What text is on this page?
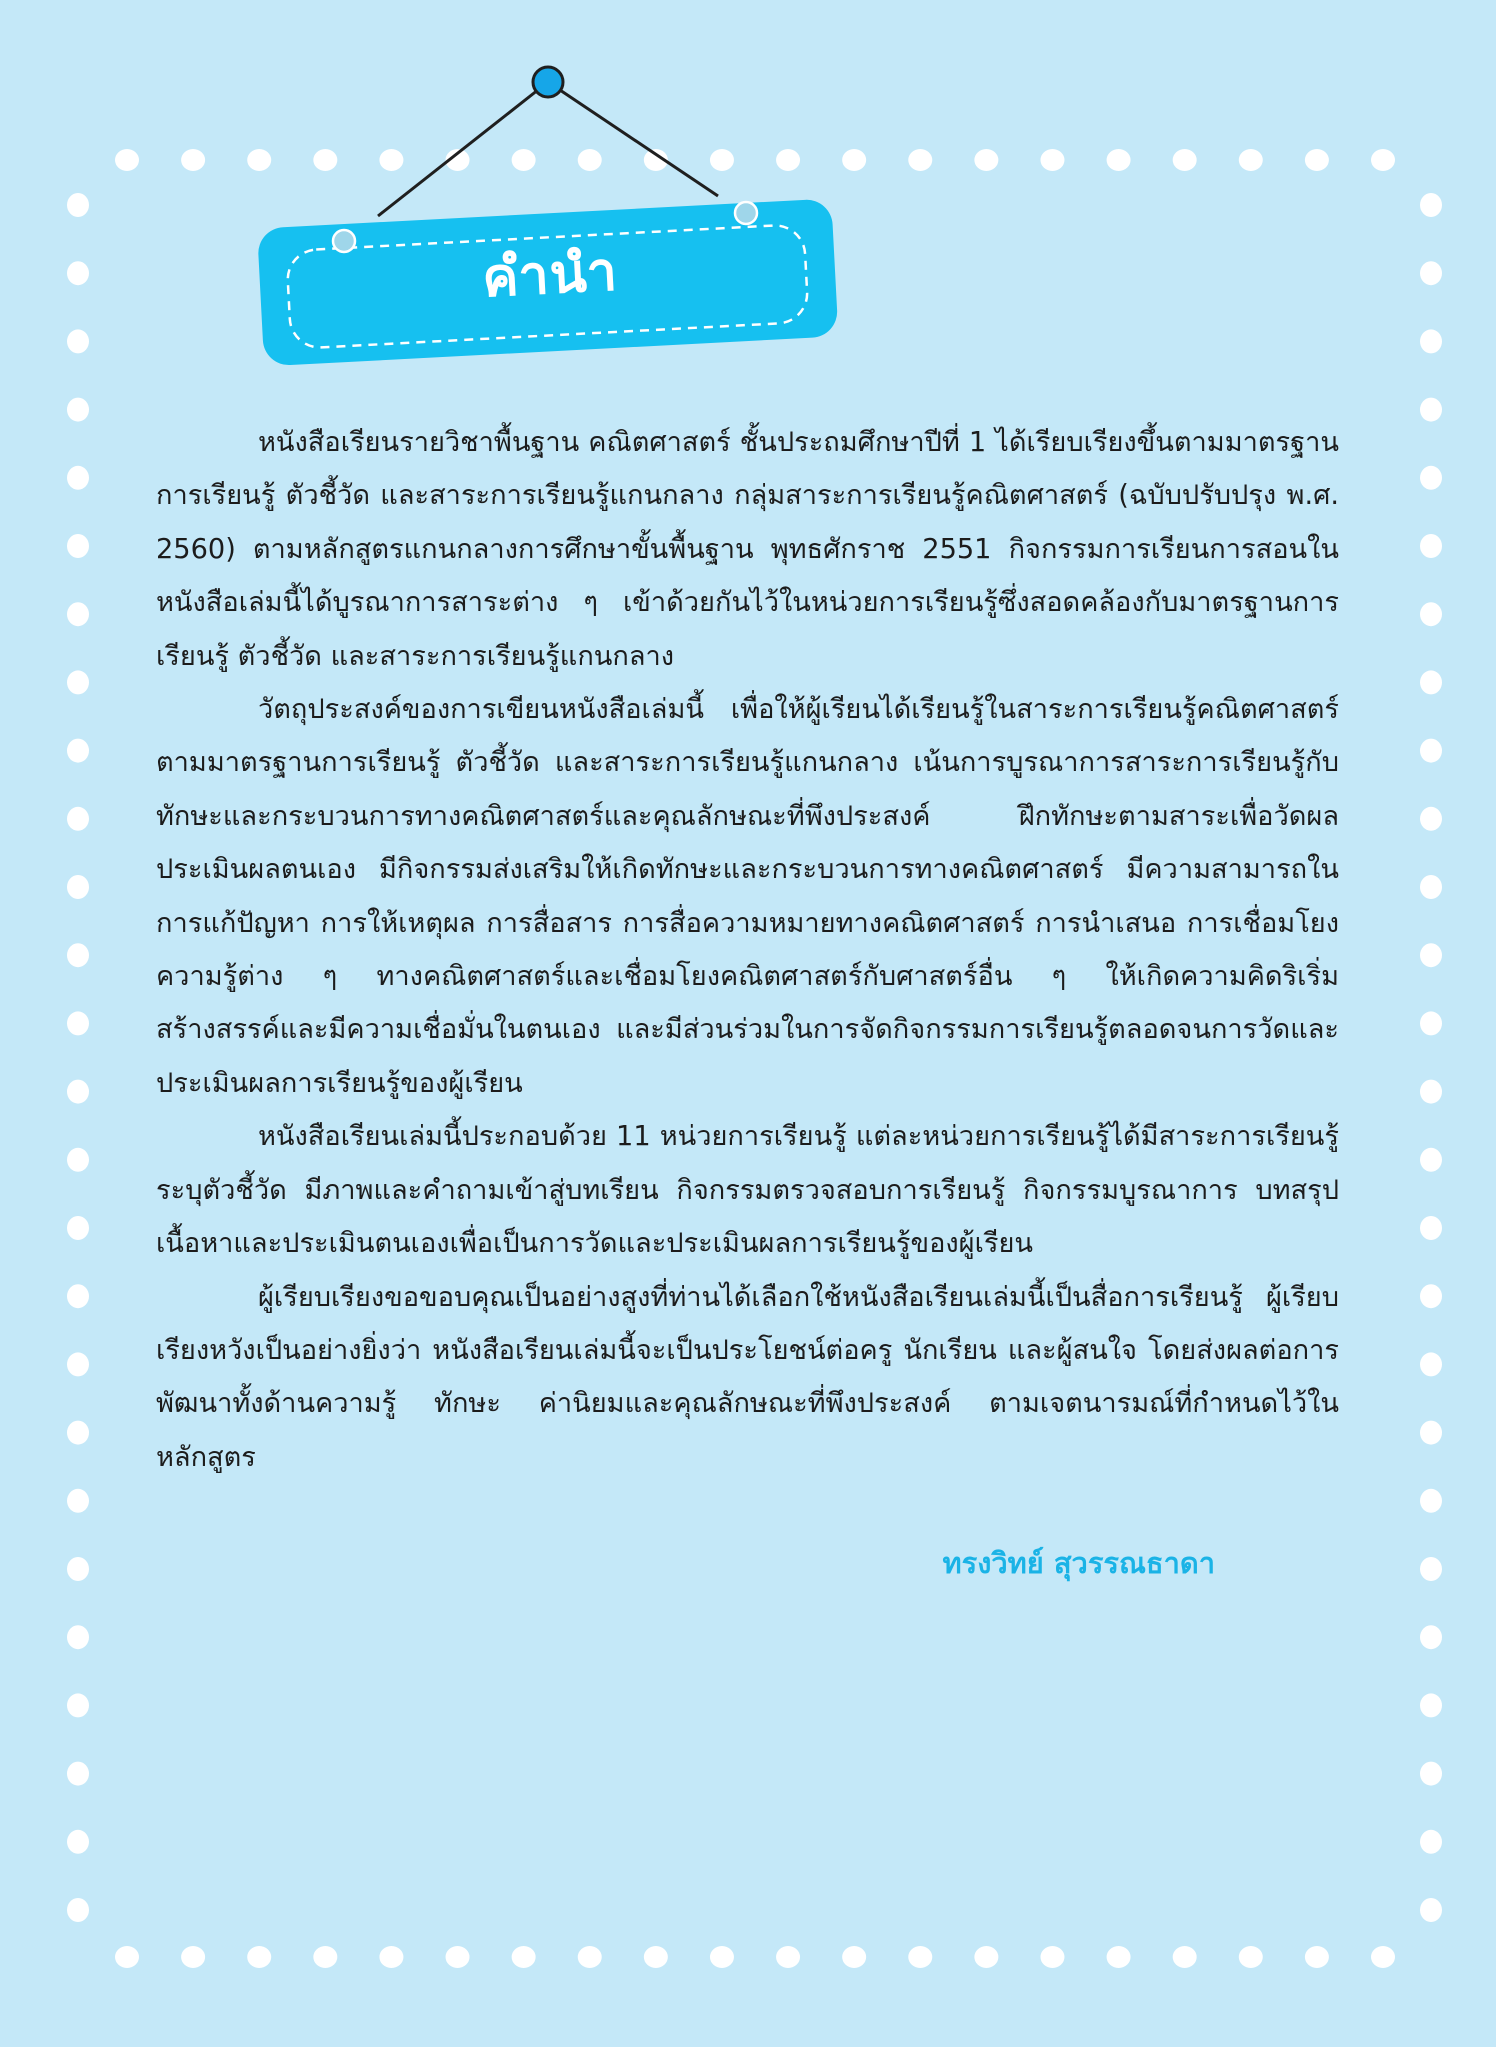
คำนำ

หนังสือเรียนรายวิชาพื้นฐาน คณิตศาสตร์ ชั้นประถมศึกษาปีที่ 1 ได้เรียบเรียงขึ้นตามมาตรฐานการเรียนรู้ ตัวชี้วัด และสาระการเรียนรู้แกนกลาง กลุ่มสาระการเรียนรู้คณิตศาสตร์ (ฉบับปรับปรุง พ.ศ. 2560) ตามหลักสูตรแกนกลางการศึกษาขั้นพื้นฐาน พุทธศักราช 2551 กิจกรรมการเรียนการสอนในหนังสือเล่มนี้ได้บูรณาการสาระต่าง ๆ เข้าด้วยกันไว้ในหน่วยการเรียนรู้ซึ่งสอดคล้องกับมาตรฐานการเรียนรู้ ตัวชี้วัด และสาระการเรียนรู้แกนกลาง

วัตถุประสงค์ของการเขียนหนังสือเล่มนี้ เพื่อให้ผู้เรียนได้เรียนรู้ในสาระการเรียนรู้คณิตศาสตร์ตามมาตรฐานการเรียนรู้ ตัวชี้วัด และสาระการเรียนรู้แกนกลาง เน้นการบูรณาการสาระการเรียนรู้กับทักษะและกระบวนการทางคณิตศาสตร์และคุณลักษณะที่พึงประสงค์ ฝึกทักษะตามสาระเพื่อวัดผลประเมินผลตนเอง มีกิจกรรมส่งเสริมให้เกิดทักษะและกระบวนการทางคณิตศาสตร์ มีความสามารถในการแก้ปัญหา การให้เหตุผล การสื่อสาร การสื่อความหมายทางคณิตศาสตร์ การนำเสนอ การเชื่อมโยงความรู้ต่าง ๆ ทางคณิตศาสตร์และเชื่อมโยงคณิตศาสตร์กับศาสตร์อื่น ๆ ให้เกิดความคิดริเริ่มสร้างสรรค์และมีความเชื่อมั่นในตนเอง และมีส่วนร่วมในการจัดกิจกรรมการเรียนรู้ตลอดจนการวัดและประเมินผลการเรียนรู้ของผู้เรียน

หนังสือเรียนเล่มนี้ประกอบด้วย 11 หน่วยการเรียนรู้ แต่ละหน่วยการเรียนรู้ได้มีสาระการเรียนรู้ระบุตัวชี้วัด มีภาพและคำถามเข้าสู่บทเรียน กิจกรรมตรวจสอบการเรียนรู้ กิจกรรมบูรณาการ บทสรุปเนื้อหาและประเมินตนเองเพื่อเป็นการวัดและประเมินผลการเรียนรู้ของผู้เรียน

ผู้เรียบเรียงขอขอบคุณเป็นอย่างสูงที่ท่านได้เลือกใช้หนังสือเรียนเล่มนี้เป็นสื่อการเรียนรู้ ผู้เรียบเรียงหวังเป็นอย่างยิ่งว่า หนังสือเรียนเล่มนี้จะเป็นประโยชน์ต่อครู นักเรียน และผู้สนใจ โดยส่งผลต่อการพัฒนาทั้งด้านความรู้ ทักษะ ค่านิยมและคุณลักษณะที่พึงประสงค์ ตามเจตนารมณ์ที่กำหนดไว้ในหลักสูตร

ทรงวิทย์ สุวรรณธาดา
